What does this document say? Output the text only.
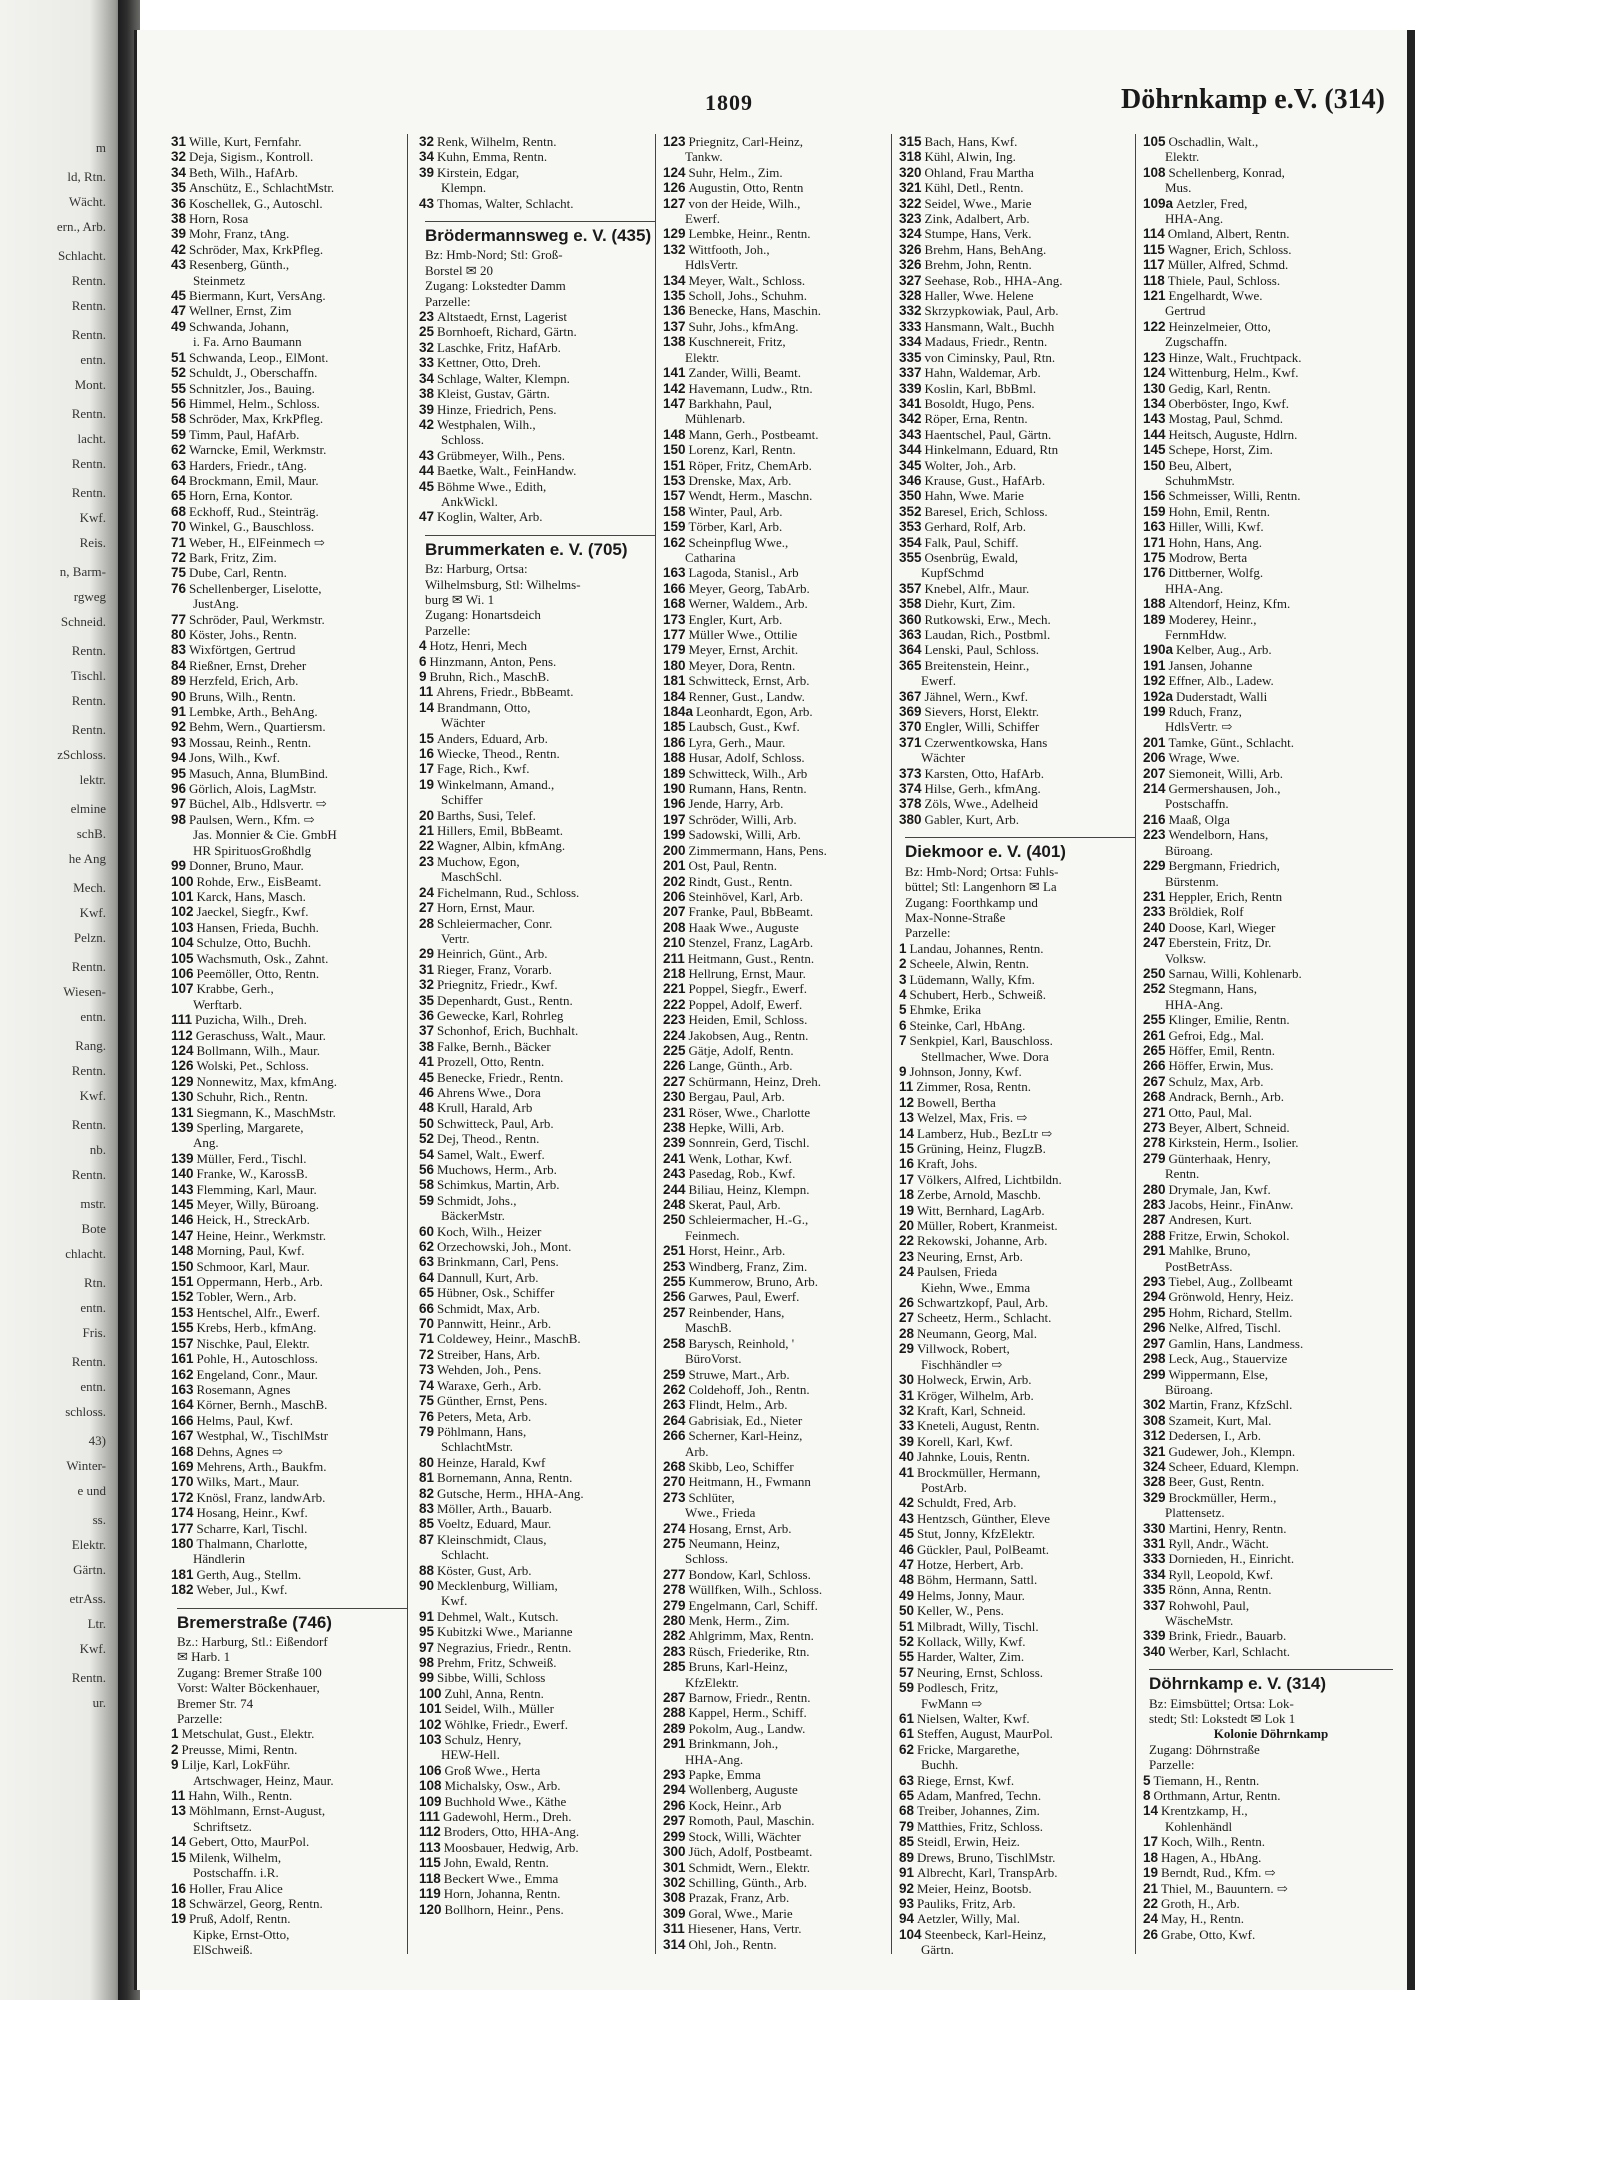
m
ld, Rtn.
Wächt.
ern., Arb.
Schlacht.
Rentn.
Rentn.
Rentn.
entn.
Mont.
Rentn.
lacht.
Rentn.
Rentn.
Kwf.
Reis.
n, Barm-
rgweg
Schneid.
Rentn.
Tischl.
Rentn.
Rentn.
zSchloss.
lektr.
elmine
schB.
he Ang
Mech.
Kwf.
Pelzn.
Rentn.
Wiesen-
entn.
Rang.
Rentn.
Kwf.
Rentn.
nb.
Rentn.
mstr.
Bote
chlacht.
Rtn.
entn.
Fris.
Rentn.
entn.
schloss.
43)
Winter-
e und
ss.
Elektr.
Gärtn.
etrAss.
Ltr.
Kwf.
Rentn.
ur.
1809	Döhrnkamp e.V. (314)
31 Wille, Kurt, Fernfahr.
32 Deja, Sigism., Kontroll.
34 Beth, Wilh., HafArb.
35 Anschütz, E., SchlachtMstr.
36 Koschellek, G., Autoschl.
38 Horn, Rosa
39 Mohr, Franz, tAng.
42 Schröder, Max, KrkPfleg.
43 Resenberg, Günth.,
Steinmetz
45 Biermann, Kurt, VersAng.
47 Wellner, Ernst, Zim
49 Schwanda, Johann,
i. Fa. Arno Baumann
51 Schwanda, Leop., ElMont.
52 Schuldt, J., Oberschaffn.
55 Schnitzler, Jos., Bauing.
56 Himmel, Helm., Schloss.
58 Schröder, Max, KrkPfleg.
59 Timm, Paul, HafArb.
62 Warncke, Emil, Werkmstr.
63 Harders, Friedr., tAng.
64 Brockmann, Emil, Maur.
65 Horn, Erna, Kontor.
68 Eckhoff, Rud., Steinträg.
70 Winkel, G., Bauschloss.
71 Weber, H., ElFeinmech ⇨
72 Bark, Fritz, Zim.
75 Dube, Carl, Rentn.
76 Schellenberger, Liselotte,
JustAng.
77 Schröder, Paul, Werkmstr.
80 Köster, Johs., Rentn.
83 Wixförtgen, Gertrud
84 Rießner, Ernst, Dreher
89 Herzfeld, Erich, Arb.
90 Bruns, Wilh., Rentn.
91 Lembke, Arth., BehAng.
92 Behm, Wern., Quartiersm.
93 Mossau, Reinh., Rentn.
94 Jons, Wilh., Kwf.
95 Masuch, Anna, BlumBind.
96 Görlich, Alois, LagMstr.
97 Büchel, Alb., Hdlsvertr. ⇨
98 Paulsen, Wern., Kfm. ⇨
Jas. Monnier & Cie. GmbH
HR SpirituosGroßhdlg
99 Donner, Bruno, Maur.
100 Rohde, Erw., EisBeamt.
101 Karck, Hans, Masch.
102 Jaeckel, Siegfr., Kwf.
103 Hansen, Frieda, Buchh.
104 Schulze, Otto, Buchh.
105 Wachsmuth, Osk., Zahnt.
106 Peemöller, Otto, Rentn.
107 Krabbe, Gerh.,
Werftarb.
111 Puzicha, Wilh., Dreh.
112 Geraschuss, Walt., Maur.
124 Bollmann, Wilh., Maur.
126 Wolski, Pet., Schloss.
129 Nonnewitz, Max, kfmAng.
130 Schuhr, Rich., Rentn.
131 Siegmann, K., MaschMstr.
139 Sperling, Margarete,
Ang.
139 Müller, Ferd., Tischl.
140 Franke, W., KarossB.
143 Flemming, Karl, Maur.
145 Meyer, Willy, Büroang.
146 Heick, H., StreckArb.
147 Heine, Heinr., Werkmstr.
148 Morning, Paul, Kwf.
150 Schmoor, Karl, Maur.
151 Oppermann, Herb., Arb.
152 Tobler, Wern., Arb.
153 Hentschel, Alfr., Ewerf.
155 Krebs, Herb., kfmAng.
157 Nischke, Paul, Elektr.
161 Pohle, H., Autoschloss.
162 Engeland, Conr., Maur.
163 Rosemann, Agnes
164 Körner, Bernh., MaschB.
166 Helms, Paul, Kwf.
167 Westphal, W., TischlMstr
168 Dehns, Agnes ⇨
169 Mehrens, Arth., Baukfm.
170 Wilks, Mart., Maur.
172 Knösl, Franz, landwArb.
174 Hosang, Heinr., Kwf.
177 Scharre, Karl, Tischl.
180 Thalmann, Charlotte,
Händlerin
181 Gerth, Aug., Stellm.
182 Weber, Jul., Kwf.
Bremerstraße (746)
Bz.: Harburg, Stl.: Eißendorf
✉ Harb. 1
Zugang: Bremer Straße 100
Vorst: Walter Böckenhauer,
Bremer Str. 74
Parzelle:
1 Metschulat, Gust., Elektr.
2 Preusse, Mimi, Rentn.
9 Lilje, Karl, LokFühr.
Artschwager, Heinz, Maur.
11 Hahn, Wilh., Rentn.
13 Möhlmann, Ernst-August,
Schriftsetz.
14 Gebert, Otto, MaurPol.
15 Milenk, Wilhelm,
Postschaffn. i.R.
16 Holler, Frau Alice
18 Schwärzel, Georg, Rentn.
19 Pruß, Adolf, Rentn.
Kipke, Ernst-Otto,
ElSchweiß.
32 Renk, Wilhelm, Rentn.
34 Kuhn, Emma, Rentn.
39 Kirstein, Edgar,
Klempn.
43 Thomas, Walter, Schlacht.
Brödermannsweg e. V. (435)
Bz: Hmb-Nord; Stl: Groß-
Borstel ✉ 20
Zugang: Lokstedter Damm
Parzelle:
23 Altstaedt, Ernst, Lagerist
25 Bornhoeft, Richard, Gärtn.
32 Laschke, Fritz, HafArb.
33 Kettner, Otto, Dreh.
34 Schlage, Walter, Klempn.
38 Kleist, Gustav, Gärtn.
39 Hinze, Friedrich, Pens.
42 Westphalen, Wilh.,
Schloss.
43 Grübmeyer, Wilh., Pens.
44 Baetke, Walt., FeinHandw.
45 Böhme Wwe., Edith,
AnkWickl.
47 Koglin, Walter, Arb.
Brummerkaten e. V. (705)
Bz: Harburg, Ortsa:
Wilhelmsburg, Stl: Wilhelms-
burg ✉ Wi. 1
Zugang: Honartsdeich
Parzelle:
4 Hotz, Henri, Mech
6 Hinzmann, Anton, Pens.
9 Bruhn, Rich., MaschB.
11 Ahrens, Friedr., BbBeamt.
14 Brandmann, Otto,
Wächter
15 Anders, Eduard, Arb.
16 Wiecke, Theod., Rentn.
17 Fage, Rich., Kwf.
19 Winkelmann, Amand.,
Schiffer
20 Barths, Susi, Telef.
21 Hillers, Emil, BbBeamt.
22 Wagner, Albin, kfmAng.
23 Muchow, Egon,
MaschSchl.
24 Fichelmann, Rud., Schloss.
27 Horn, Ernst, Maur.
28 Schleiermacher, Conr.
Vertr.
29 Heinrich, Günt., Arb.
31 Rieger, Franz, Vorarb.
32 Priegnitz, Friedr., Kwf.
35 Depenhardt, Gust., Rentn.
36 Gewecke, Karl, Rohrleg
37 Schonhof, Erich, Buchhalt.
38 Falke, Bernh., Bäcker
41 Prozell, Otto, Rentn.
45 Benecke, Friedr., Rentn.
46 Ahrens Wwe., Dora
48 Krull, Harald, Arb
50 Schwitteck, Paul, Arb.
52 Dej, Theod., Rentn.
54 Samel, Walt., Ewerf.
56 Muchows, Herm., Arb.
58 Schimkus, Martin, Arb.
59 Schmidt, Johs.,
BäckerMstr.
60 Koch, Wilh., Heizer
62 Orzechowski, Joh., Mont.
63 Brinkmann, Carl, Pens.
64 Dannull, Kurt, Arb.
65 Hübner, Osk., Schiffer
66 Schmidt, Max, Arb.
70 Pannwitt, Heinr., Arb.
71 Coldewey, Heinr., MaschB.
72 Streiber, Hans, Arb.
73 Wehden, Joh., Pens.
74 Waraxe, Gerh., Arb.
75 Günther, Ernst, Pens.
76 Peters, Meta, Arb.
79 Pöhlmann, Hans,
SchlachtMstr.
80 Heinze, Harald, Kwf
81 Bornemann, Anna, Rentn.
82 Gutsche, Herm., HHA-Ang.
83 Möller, Arth., Bauarb.
85 Voeltz, Eduard, Maur.
87 Kleinschmidt, Claus,
Schlacht.
88 Köster, Gust, Arb.
90 Mecklenburg, William,
Kwf.
91 Dehmel, Walt., Kutsch.
95 Kubitzki Wwe., Marianne
97 Negrazius, Friedr., Rentn.
98 Prehm, Fritz, Schweiß.
99 Sibbe, Willi, Schloss
100 Zuhl, Anna, Rentn.
101 Seidel, Wilh., Müller
102 Wöhlke, Friedr., Ewerf.
103 Schulz, Henry,
HEW-Hell.
106 Groß Wwe., Herta
108 Michalsky, Osw., Arb.
109 Buchhold Wwe., Käthe
111 Gadewohl, Herm., Dreh.
112 Broders, Otto, HHA-Ang.
113 Moosbauer, Hedwig, Arb.
115 John, Ewald, Rentn.
118 Beckert Wwe., Emma
119 Horn, Johanna, Rentn.
120 Bollhorn, Heinr., Pens.
123 Priegnitz, Carl-Heinz,
Tankw.
124 Suhr, Helm., Zim.
126 Augustin, Otto, Rentn
127 von der Heide, Wilh.,
Ewerf.
129 Lembke, Heinr., Rentn.
132 Wittfooth, Joh.,
HdlsVertr.
134 Meyer, Walt., Schloss.
135 Scholl, Johs., Schuhm.
136 Benecke, Hans, Maschin.
137 Suhr, Johs., kfmAng.
138 Kuschnereit, Fritz,
Elektr.
141 Zander, Willi, Beamt.
142 Havemann, Ludw., Rtn.
147 Barkhahn, Paul,
Mühlenarb.
148 Mann, Gerh., Postbeamt.
150 Lorenz, Karl, Rentn.
151 Röper, Fritz, ChemArb.
153 Drenske, Max, Arb.
157 Wendt, Herm., Maschn.
158 Winter, Paul, Arb.
159 Törber, Karl, Arb.
162 Scheinpflug Wwe.,
Catharina
163 Lagoda, Stanisl., Arb
166 Meyer, Georg, TabArb.
168 Werner, Waldem., Arb.
173 Engler, Kurt, Arb.
177 Müller Wwe., Ottilie
179 Meyer, Ernst, Archit.
180 Meyer, Dora, Rentn.
181 Schwitteck, Ernst, Arb.
184 Renner, Gust., Landw.
184a Leonhardt, Egon, Arb.
185 Laubsch, Gust., Kwf.
186 Lyra, Gerh., Maur.
188 Husar, Adolf, Schloss.
189 Schwitteck, Wilh., Arb
190 Rumann, Hans, Rentn.
196 Jende, Harry, Arb.
197 Schröder, Willi, Arb.
199 Sadowski, Willi, Arb.
200 Zimmermann, Hans, Pens.
201 Ost, Paul, Rentn.
202 Rindt, Gust., Rentn.
206 Steinhövel, Karl, Arb.
207 Franke, Paul, BbBeamt.
208 Haak Wwe., Auguste
210 Stenzel, Franz, LagArb.
211 Heitmann, Gust., Rentn.
218 Hellrung, Ernst, Maur.
221 Poppel, Siegfr., Ewerf.
222 Poppel, Adolf, Ewerf.
223 Heiden, Emil, Schloss.
224 Jakobsen, Aug., Rentn.
225 Gätje, Adolf, Rentn.
226 Lange, Günth., Arb.
227 Schürmann, Heinz, Dreh.
230 Bergau, Paul, Arb.
231 Röser, Wwe., Charlotte
238 Hepke, Willi, Arb.
239 Sonnrein, Gerd, Tischl.
241 Wenk, Lothar, Kwf.
243 Pasedag, Rob., Kwf.
244 Biliau, Heinz, Klempn.
248 Skerat, Paul, Arb.
250 Schleiermacher, H.-G.,
Feinmech.
251 Horst, Heinr., Arb.
253 Windberg, Franz, Zim.
255 Kummerow, Bruno, Arb.
256 Garwes, Paul, Ewerf.
257 Reinbender, Hans,
MaschB.
258 Barysch, Reinhold, '
BüroVorst.
259 Struwe, Mart., Arb.
262 Coldehoff, Joh., Rentn.
263 Flindt, Helm., Arb.
264 Gabrisiak, Ed., Nieter
266 Scherner, Karl-Heinz,
Arb.
268 Skibb, Leo, Schiffer
270 Heitmann, H., Fwmann
273 Schlüter,
Wwe., Frieda
274 Hosang, Ernst, Arb.
275 Neumann, Heinz,
Schloss.
277 Bondow, Karl, Schloss.
278 Wüllfken, Wilh., Schloss.
279 Engelmann, Carl, Schiff.
280 Menk, Herm., Zim.
282 Ahlgrimm, Max, Rentn.
283 Rüsch, Friederike, Rtn.
285 Bruns, Karl-Heinz,
KfzElektr.
287 Barnow, Friedr., Rentn.
288 Kappel, Herm., Schiff.
289 Pokolm, Aug., Landw.
291 Brinkmann, Joh.,
HHA-Ang.
293 Papke, Emma
294 Wollenberg, Auguste
296 Kock, Heinr., Arb
297 Romoth, Paul, Maschin.
299 Stock, Willi, Wächter
300 Jüch, Adolf, Postbeamt.
301 Schmidt, Wern., Elektr.
302 Schilling, Günth., Arb.
308 Prazak, Franz, Arb.
309 Goral, Wwe., Marie
311 Hiesener, Hans, Vertr.
314 Ohl, Joh., Rentn.
315 Bach, Hans, Kwf.
318 Kühl, Alwin, Ing.
320 Ohland, Frau Martha
321 Kühl, Detl., Rentn.
322 Seidel, Wwe., Marie
323 Zink, Adalbert, Arb.
324 Stumpe, Hans, Verk.
326 Brehm, Hans, BehAng.
326 Brehm, John, Rentn.
327 Seehase, Rob., HHA-Ang.
328 Haller, Wwe. Helene
332 Skrzypkowiak, Paul, Arb.
333 Hansmann, Walt., Buchh
334 Madaus, Friedr., Rentn.
335 von Ciminsky, Paul, Rtn.
337 Hahn, Waldemar, Arb.
339 Koslin, Karl, BbBml.
341 Bosoldt, Hugo, Pens.
342 Röper, Erna, Rentn.
343 Haentschel, Paul, Gärtn.
344 Hinkelmann, Eduard, Rtn
345 Wolter, Joh., Arb.
346 Krause, Gust., HafArb.
350 Hahn, Wwe. Marie
352 Baresel, Erich, Schloss.
353 Gerhard, Rolf, Arb.
354 Falk, Paul, Schiff.
355 Osenbrüg, Ewald,
KupfSchmd
357 Knebel, Alfr., Maur.
358 Diehr, Kurt, Zim.
360 Rutkowski, Erw., Mech.
363 Laudan, Rich., Postbml.
364 Lenski, Paul, Schloss.
365 Breitenstein, Heinr.,
Ewerf.
367 Jähnel, Wern., Kwf.
369 Sievers, Horst, Elektr.
370 Engler, Willi, Schiffer
371 Czerwentkowska, Hans
Wächter
373 Karsten, Otto, HafArb.
374 Hilse, Gerh., kfmAng.
378 Zöls, Wwe., Adelheid
380 Gabler, Kurt, Arb.
Diekmoor e. V. (401)
Bz: Hmb-Nord; Ortsa: Fuhls-
büttel; Stl: Langenhorn ✉ La
Zugang: Foorthkamp und
Max-Nonne-Straße
Parzelle:
1 Landau, Johannes, Rentn.
2 Scheele, Alwin, Rentn.
3 Lüdemann, Wally, Kfm.
4 Schubert, Herb., Schweiß.
5 Ehmke, Erika
6 Steinke, Carl, HbAng.
7 Senkpiel, Karl, Bauschloss.
Stellmacher, Wwe. Dora
9 Johnson, Jonny, Kwf.
11 Zimmer, Rosa, Rentn.
12 Bowell, Bertha
13 Welzel, Max, Fris. ⇨
14 Lamberz, Hub., BezLtr ⇨
15 Grüning, Heinz, FlugzB.
16 Kraft, Johs.
17 Völkers, Alfred, Lichtbildn.
18 Zerbe, Arnold, Maschb.
19 Witt, Bernhard, LagArb.
20 Müller, Robert, Kranmeist.
22 Rekowski, Johanne, Arb.
23 Neuring, Ernst, Arb.
24 Paulsen, Frieda
Kiehn, Wwe., Emma
26 Schwartzkopf, Paul, Arb.
27 Scheetz, Herm., Schlacht.
28 Neumann, Georg, Mal.
29 Villwock, Robert,
Fischhändler ⇨
30 Holweck, Erwin, Arb.
31 Kröger, Wilhelm, Arb.
32 Kraft, Karl, Schneid.
33 Kneteli, August, Rentn.
39 Korell, Karl, Kwf.
40 Jahnke, Louis, Rentn.
41 Brockmüller, Hermann,
PostArb.
42 Schuldt, Fred, Arb.
43 Hentzsch, Günther, Eleve
45 Stut, Jonny, KfzElektr.
46 Gückler, Paul, PolBeamt.
47 Hotze, Herbert, Arb.
48 Böhm, Hermann, Sattl.
49 Helms, Jonny, Maur.
50 Keller, W., Pens.
51 Milbradt, Willy, Tischl.
52 Kollack, Willy, Kwf.
55 Harder, Walter, Zim.
57 Neuring, Ernst, Schloss.
59 Podlesch, Fritz,
FwMann ⇨
61 Nielsen, Walter, Kwf.
61 Steffen, August, MaurPol.
62 Fricke, Margarethe,
Buchh.
63 Riege, Ernst, Kwf.
65 Adam, Manfred, Techn.
68 Treiber, Johannes, Zim.
79 Matthies, Fritz, Schloss.
85 Steidl, Erwin, Heiz.
89 Drews, Bruno, TischlMstr.
91 Albrecht, Karl, TranspArb.
92 Meier, Heinz, Bootsb.
93 Pauliks, Fritz, Arb.
94 Aetzler, Willy, Mal.
104 Steenbeck, Karl-Heinz,
Gärtn.
105 Oschadlin, Walt.,
Elektr.
108 Schellenberg, Konrad,
Mus.
109a Aetzler, Fred,
HHA-Ang.
114 Omland, Albert, Rentn.
115 Wagner, Erich, Schloss.
117 Müller, Alfred, Schmd.
118 Thiele, Paul, Schloss.
121 Engelhardt, Wwe.
Gertrud
122 Heinzelmeier, Otto,
Zugschaffn.
123 Hinze, Walt., Fruchtpack.
124 Wittenburg, Helm., Kwf.
130 Gedig, Karl, Rentn.
134 Oberböster, Ingo, Kwf.
143 Mostag, Paul, Schmd.
144 Heitsch, Auguste, Hdlrn.
145 Schepe, Horst, Zim.
150 Beu, Albert,
SchuhmMstr.
156 Schmeisser, Willi, Rentn.
159 Hohn, Emil, Rentn.
163 Hiller, Willi, Kwf.
171 Hohn, Hans, Ang.
175 Modrow, Berta
176 Dittberner, Wolfg.
HHA-Ang.
188 Altendorf, Heinz, Kfm.
189 Moderey, Heinr.,
FernmHdw.
190a Kelber, Aug., Arb.
191 Jansen, Johanne
192 Effner, Alb., Ladew.
192a Duderstadt, Walli
199 Rduch, Franz,
HdlsVertr. ⇨
201 Tamke, Günt., Schlacht.
206 Wrage, Wwe.
207 Siemoneit, Willi, Arb.
214 Germershausen, Joh.,
Postschaffn.
216 Maaß, Olga
223 Wendelborn, Hans,
Büroang.
229 Bergmann, Friedrich,
Bürstenm.
231 Heppler, Erich, Rentn
233 Bröldiek, Rolf
240 Doose, Karl, Wieger
247 Eberstein, Fritz, Dr.
Volksw.
250 Sarnau, Willi, Kohlenarb.
252 Stegmann, Hans,
HHA-Ang.
255 Klinger, Emilie, Rentn.
261 Gefroi, Edg., Mal.
265 Höffer, Emil, Rentn.
266 Höffer, Erwin, Mus.
267 Schulz, Max, Arb.
268 Andrack, Bernh., Arb.
271 Otto, Paul, Mal.
273 Beyer, Albert, Schneid.
278 Kirkstein, Herm., Isolier.
279 Günterhaak, Henry,
Rentn.
280 Drymale, Jan, Kwf.
283 Jacobs, Heinr., FinAnw.
287 Andresen, Kurt.
288 Fritze, Erwin, Schokol.
291 Mahlke, Bruno,
PostBetrAss.
293 Tiebel, Aug., Zollbeamt
294 Grönwold, Henry, Heiz.
295 Hohm, Richard, Stellm.
296 Nelke, Alfred, Tischl.
297 Gamlin, Hans, Landmess.
298 Leck, Aug., Stauervize
299 Wippermann, Else,
Büroang.
302 Martin, Franz, KfzSchl.
308 Szameit, Kurt, Mal.
312 Dedersen, I., Arb.
321 Gudewer, Joh., Klempn.
324 Scheer, Eduard, Klempn.
328 Beer, Gust, Rentn.
329 Brockmüller, Herm.,
Plattensetz.
330 Martini, Henry, Rentn.
331 Ryll, Andr., Wächt.
333 Dornieden, H., Einricht.
334 Ryll, Leopold, Kwf.
335 Rönn, Anna, Rentn.
337 Rohwohl, Paul,
WäscheMstr.
339 Brink, Friedr., Bauarb.
340 Werber, Karl, Schlacht.
Döhrnkamp e. V. (314)
Bz: Eimsbüttel; Ortsa: Lok-
stedt; Stl: Lokstedt ✉ Lok 1
Kolonie Döhrnkamp
Zugang: Döhrnstraße
Parzelle:
5 Tiemann, H., Rentn.
8 Orthmann, Artur, Rentn.
14 Krentzkamp, H.,
Kohlenhändl
17 Koch, Wilh., Rentn.
18 Hagen, A., HbAng.
19 Berndt, Rud., Kfm. ⇨
21 Thiel, M., Bauuntern. ⇨
22 Groth, H., Arb.
24 May, H., Rentn.
26 Grabe, Otto, Kwf.
